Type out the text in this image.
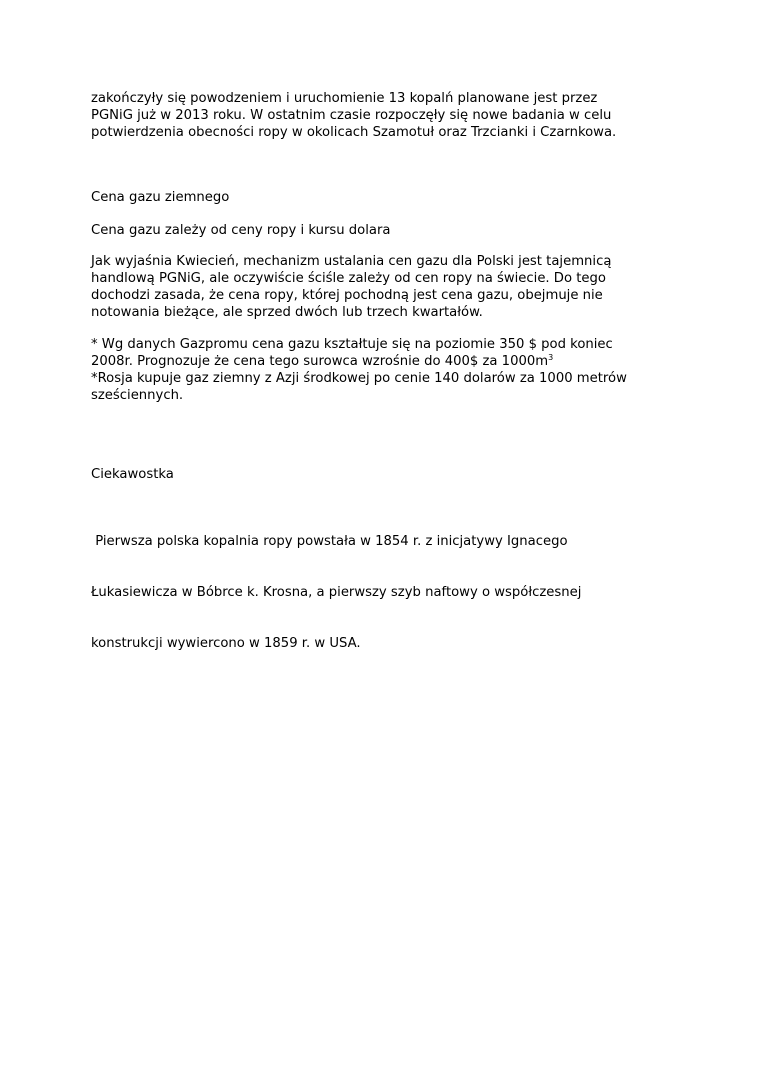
zakończyły się powodzeniem i uruchomienie 13 kopalń planowane jest przez
PGNiG już w 2013 roku. W ostatnim czasie rozpoczęły się nowe badania w celu
potwierdzenia obecności ropy w okolicach Szamotuł oraz Trzcianki i Czarnkowa.
Cena gazu ziemnego
Cena gazu zależy od ceny ropy i kursu dolara
Jak wyjaśnia Kwiecień, mechanizm ustalania cen gazu dla Polski jest tajemnicą
handlową PGNiG, ale oczywiście ściśle zależy od cen ropy na świecie. Do tego
dochodzi zasada, że cena ropy, której pochodną jest cena gazu, obejmuje nie
notowania bieżące, ale sprzed dwóch lub trzech kwartałów.
* Wg danych Gazpromu cena gazu kształtuje się na poziomie 350 $ pod koniec
2008r. Prognozuje że cena tego surowca wzrośnie do 400$ za $1000m^3$
*Rosja kupuje gaz ziemny z Azji środkowej po cenie 140 dolarów za 1000 metrów
sześciennych.
Ciekawostka

Pierwsza polska kopalnia ropy powstała w 1854 r. z inicjatywy Ignacego

Łukasiewicza w Bóbrce k. Krosna, a pierwszy szyb naftowy o współczesnej

konstrukcji wywiercono w 1859 r. w USA.
